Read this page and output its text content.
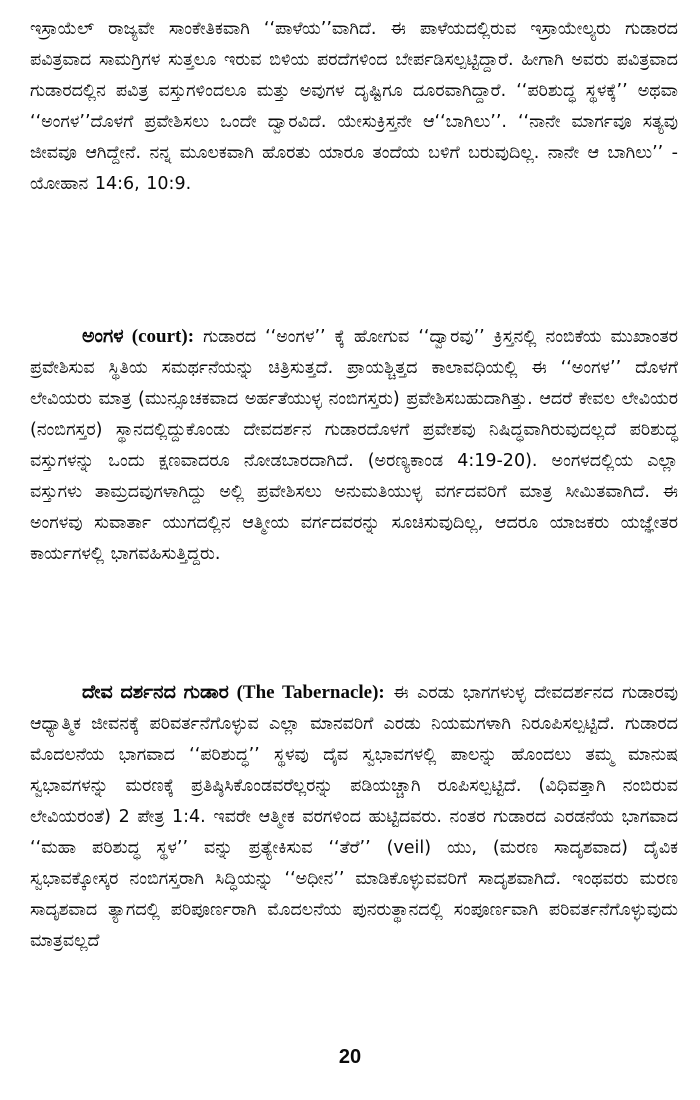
ಇಸ್ರಾಯೆಲ್ ರಾಜ್ಯವೇ ಸಾಂಕೇತಿಕವಾಗಿ ‘‘ಪಾಳೆಯ’’ವಾಗಿದೆ. ಈ ಪಾಳೆಯದಲ್ಲಿರುವ ಇಸ್ರಾಯೇಲ್ಯರು ಗುಡಾರದ ಪವಿತ್ರವಾದ ಸಾಮಗ್ರಿಗಳ ಸುತ್ತಲೂ ಇರುವ ಬಿಳಿಯ ಪರದೆಗಳಿಂದ ಬೇರ್ಪಡಿಸಲ್ಪಟ್ಟಿದ್ದಾರೆ. ಹೀಗಾಗಿ ಅವರು ಪವಿತ್ರವಾದ ಗುಡಾರದಲ್ಲಿನ ಪವಿತ್ರ ವಸ್ತುಗಳಿಂದಲೂ ಮತ್ತು ಅವುಗಳ ದೃಷ್ಟಿಗೂ ದೂರವಾಗಿದ್ದಾರೆ. ‘‘ಪರಿಶುದ್ಧ ಸ್ಥಳಕ್ಕೆ’’ ಅಥವಾ ‘‘ಅಂಗಳ’’ದೊಳಗೆ ಪ್ರವೇಶಿಸಲು ಒಂದೇ ದ್ವಾರವಿದೆ. ಯೇಸುಕ್ರಿಸ್ತನೇ ಆ‘‘ಬಾಗಿಲು’’. ‘‘ನಾನೇ ಮಾರ್ಗವೂ ಸತ್ಯವು ಜೀವವೂ ಆಗಿದ್ದೇನೆ. ನನ್ನ ಮೂಲಕವಾಗಿ ಹೊರತು ಯಾರೂ ತಂದೆಯ ಬಳಿಗೆ ಬರುವುದಿಲ್ಲ. ನಾನೇ ಆ ಬಾಗಿಲು’’ - ಯೋಹಾನ 14:6, 10:9.

ಅಂಗಳ (court): ಗುಡಾರದ ‘‘ಅಂಗಳ’’ ಕ್ಕೆ ಹೋಗುವ ‘‘ದ್ವಾರವು’’ ಕ್ರಿಸ್ತನಲ್ಲಿ ನಂಬಿಕೆಯ ಮುಖಾಂತರ ಪ್ರವೇಶಿಸುವ ಸ್ಥಿತಿಯ ಸಮರ್ಥನೆಯನ್ನು ಚಿತ್ರಿಸುತ್ತದೆ. ಪ್ರಾಯಶ್ಚಿತ್ತದ ಕಾಲಾವಧಿಯಲ್ಲಿ ಈ ‘‘ಅಂಗಳ’’ ದೊಳಗೆ ಲೇವಿಯರು ಮಾತ್ರ (ಮುನ್ಸೂಚಕವಾದ ಅರ್ಹತೆಯುಳ್ಳ ನಂಬಿಗಸ್ತರು) ಪ್ರವೇಶಿಸಬಹುದಾಗಿತ್ತು. ಆದರೆ ಕೇವಲ ಲೇವಿಯರ (ನಂಬಿಗಸ್ತರ) ಸ್ಥಾನದಲ್ಲಿದ್ದುಕೊಂಡು ದೇವದರ್ಶನ ಗುಡಾರದೊಳಗೆ ಪ್ರವೇಶವು ನಿಷಿದ್ಧವಾಗಿರುವುದಲ್ಲದೆ ಪರಿಶುದ್ಧ ವಸ್ತುಗಳನ್ನು ಒಂದು ಕ್ಷಣವಾದರೂ ನೋಡಬಾರದಾಗಿದೆ. (ಅರಣ್ಯಕಾಂಡ 4:19-20). ಅಂಗಳದಲ್ಲಿಯ ಎಲ್ಲಾ ವಸ್ತುಗಳು ತಾಮ್ರದವುಗಳಾಗಿದ್ದು ಅಲ್ಲಿ ಪ್ರವೇಶಿಸಲು ಅನುಮತಿಯುಳ್ಳ ವರ್ಗದವರಿಗೆ ಮಾತ್ರ ಸೀಮಿತವಾಗಿದೆ. ಈ ಅಂಗಳವು ಸುವಾರ್ತಾ ಯುಗದಲ್ಲಿನ ಆತ್ಮೀಯ ವರ್ಗದವರನ್ನು ಸೂಚಿಸುವುದಿಲ್ಲ, ಆದರೂ ಯಾಜಕರು ಯಜ್ಞೇತರ ಕಾರ್ಯಗಳಲ್ಲಿ ಭಾಗವಹಿಸುತ್ತಿದ್ದರು.

ದೇವ ದರ್ಶನದ ಗುಡಾರ (The Tabernacle): ಈ ಎರಡು ಭಾಗಗಳುಳ್ಳ ದೇವದರ್ಶನದ ಗುಡಾರವು ಆಧ್ಯಾತ್ಮಿಕ ಜೀವನಕ್ಕೆ ಪರಿವರ್ತನೆಗೊಳ್ಳುವ ಎಲ್ಲಾ ಮಾನವರಿಗೆ ಎರಡು ನಿಯಮಗಳಾಗಿ ನಿರೂಪಿಸಲ್ಪಟ್ಟಿದೆ. ಗುಡಾರದ ಮೊದಲನೆಯ ಭಾಗವಾದ ‘‘ಪರಿಶುದ್ಧ’’ ಸ್ಥಳವು ದೈವ ಸ್ವಭಾವಗಳಲ್ಲಿ ಪಾಲನ್ನು ಹೊಂದಲು ತಮ್ಮ ಮಾನುಷ ಸ್ವಭಾವಗಳನ್ನು ಮರಣಕ್ಕೆ ಪ್ರತಿಷ್ಠಿಸಿಕೊಂಡವರೆಲ್ಲರನ್ನು ಪಡಿಯಚ್ಚಾಗಿ ರೂಪಿಸಲ್ಪಟ್ಟಿದೆ. (ವಿಧಿವತ್ತಾಗಿ ನಂಬಿರುವ ಲೇವಿಯರಂತೆ) 2 ಪೇತ್ರ 1:4. ಇವರೇ ಆತ್ಮೀಕ ವರಗಳಿಂದ ಹುಟ್ಟಿದವರು. ನಂತರ ಗುಡಾರದ ಎರಡನೆಯ ಭಾಗವಾದ ‘‘ಮಹಾ ಪರಿಶುದ್ಧ ಸ್ಥಳ’’ ವನ್ನು ಪ್ರತ್ಯೇಕಿಸುವ ‘‘ತೆರೆ’’ (veil) ಯು, (ಮರಣ ಸಾದೃಶವಾದ) ದೈವಿಕ ಸ್ವಭಾವಕ್ಕೋಸ್ಕರ ನಂಬಿಗಸ್ತರಾಗಿ ಸಿದ್ಧಿಯನ್ನು ‘‘ಅಧೀನ’’ ಮಾಡಿಕೊಳ್ಳುವವರಿಗೆ ಸಾದೃಶವಾಗಿದೆ. ಇಂಥವರು ಮರಣ ಸಾದೃಶವಾದ ತ್ಯಾಗದಲ್ಲಿ ಪರಿಪೂರ್ಣರಾಗಿ ಮೊದಲನೆಯ ಪುನರುತ್ಥಾನದಲ್ಲಿ ಸಂಪೂರ್ಣವಾಗಿ ಪರಿವರ್ತನೆಗೊಳ್ಳುವುದು ಮಾತ್ರವಲ್ಲದೆ

20
